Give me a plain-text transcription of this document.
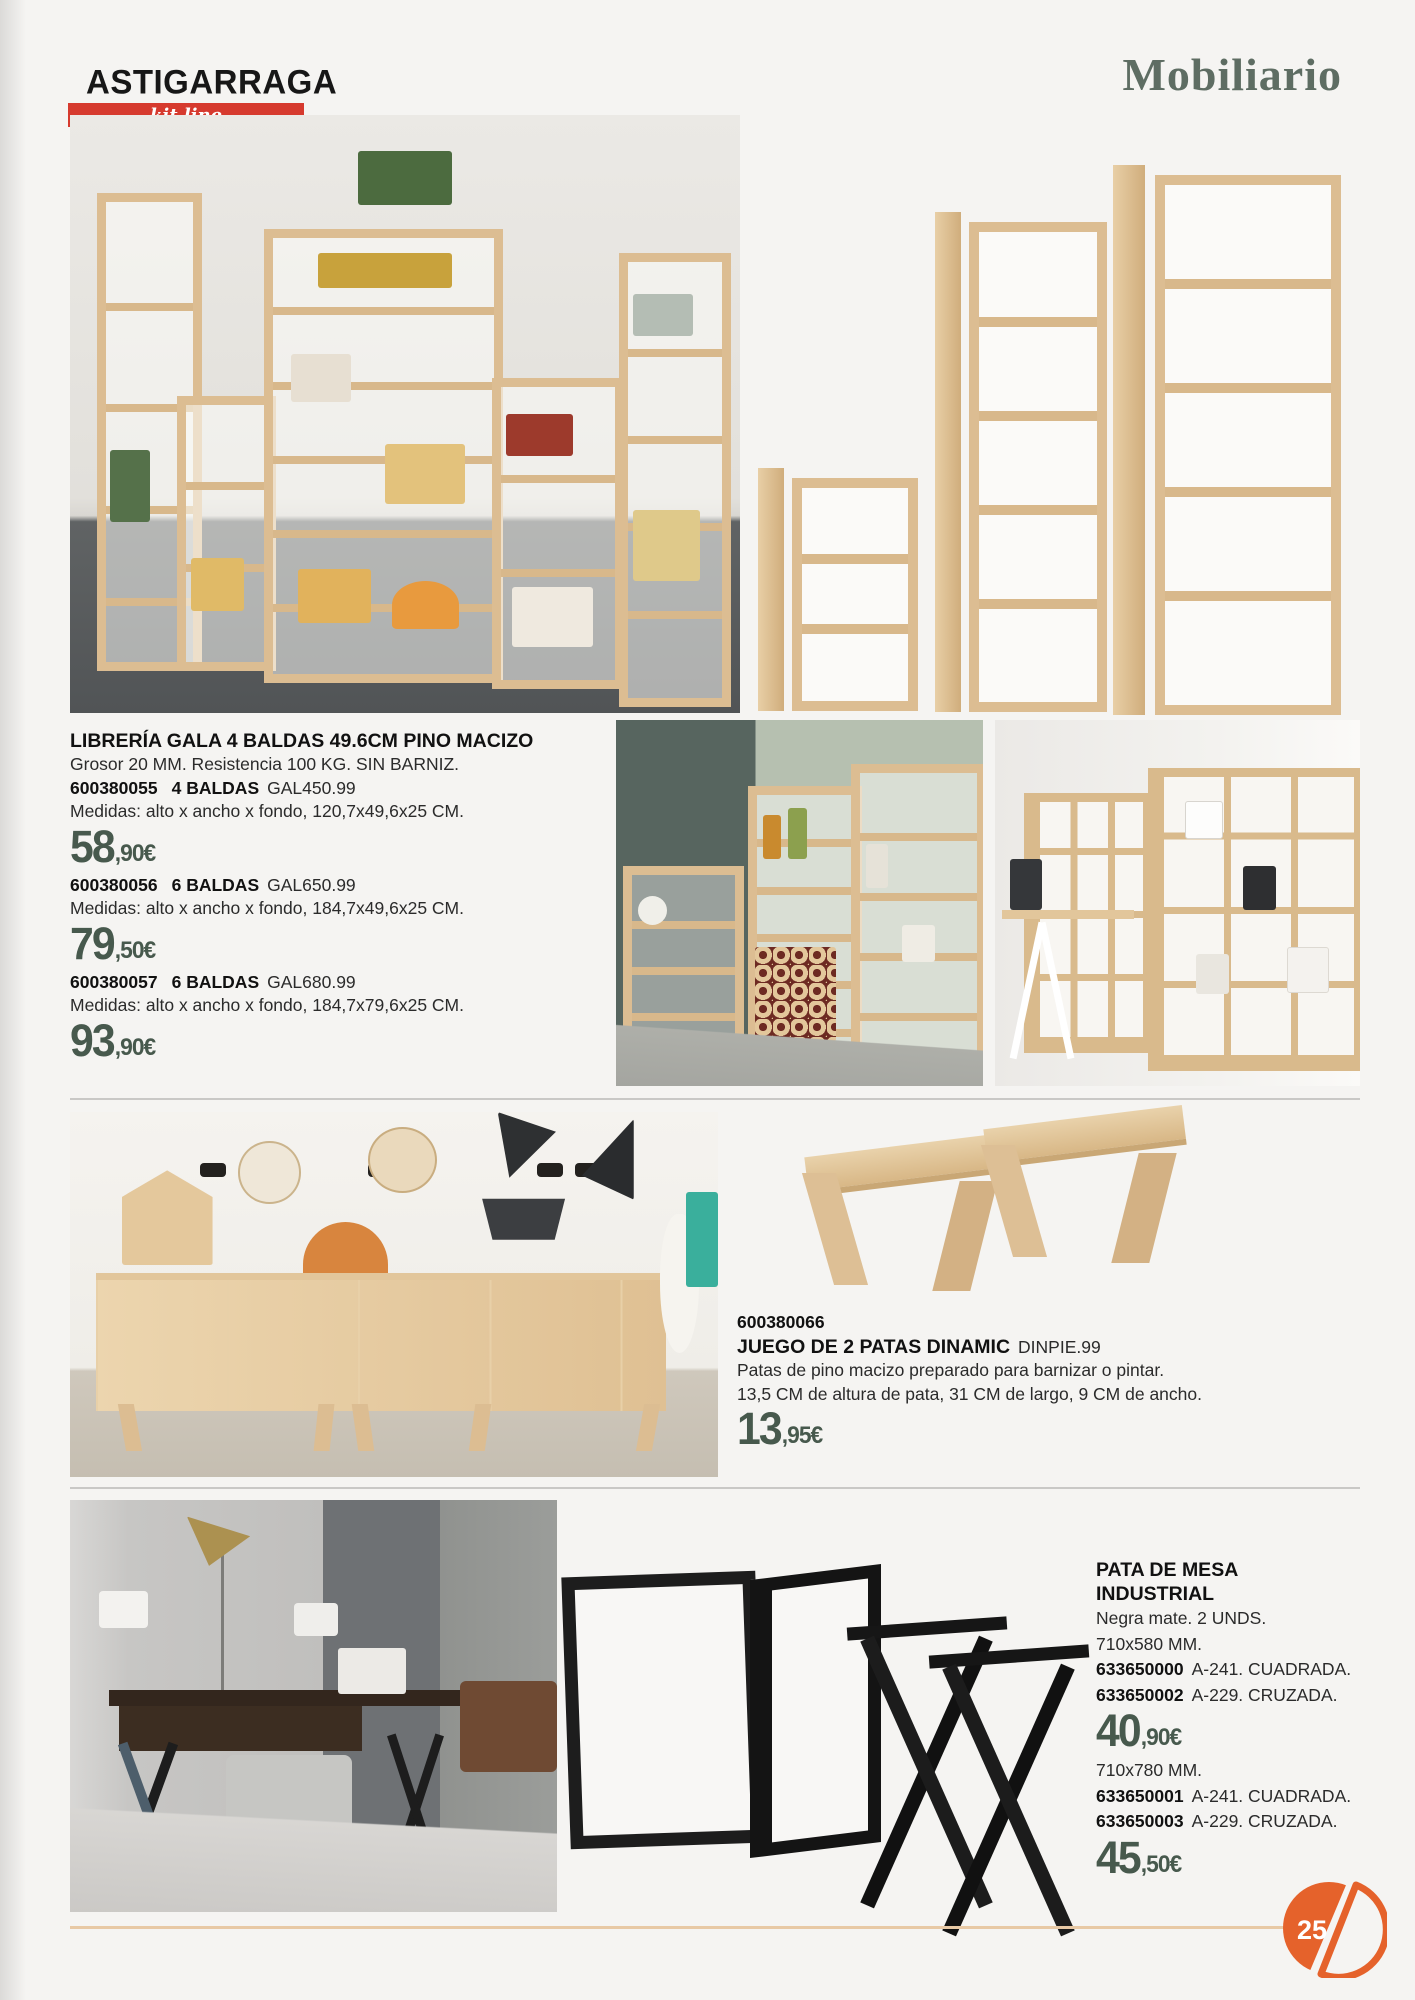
ASTIGARRAGA	Mobiliario
LIBRERÍA GALA 4 BALDAS 49.6CM PINO MACIZO
Grosor 20 MM. Resistencia 100 KG. SIN BARNIZ.
600380055 4 BALDAS GAL450.99
Medidas: alto x ancho x fondo, 120,7x49,6x25 CM.
58 ,90€
600380056 6 BALDAS GAL650.99
Medidas: alto x ancho x fondo, 184,7x49,6x25 CM.
79 ,50€
600380057 6 BALDAS GAL680.99
Medidas: alto x ancho x fondo, 184,7x79,6x25 CM.
93 ,90€
600380066
JUEGO DE 2 PATAS DINAMIC DINPIE.99
Patas de pino macizo preparado para barnizar o pintar.
13,5 CM de altura de pata, 31 CM de largo, 9 CM de ancho.
13 ,95€
PATA DE MESA
INDUSTRIAL
Negra mate. 2 UNDS.
710x580 MM.
633650000 A-241. CUADRADA.
633650002 A-229. CRUZADA.
40 ,90€
710x780 MM.
633650001 A-241. CUADRADA.
633650003 A-229. CRUZADA.
45 ,50€
25
